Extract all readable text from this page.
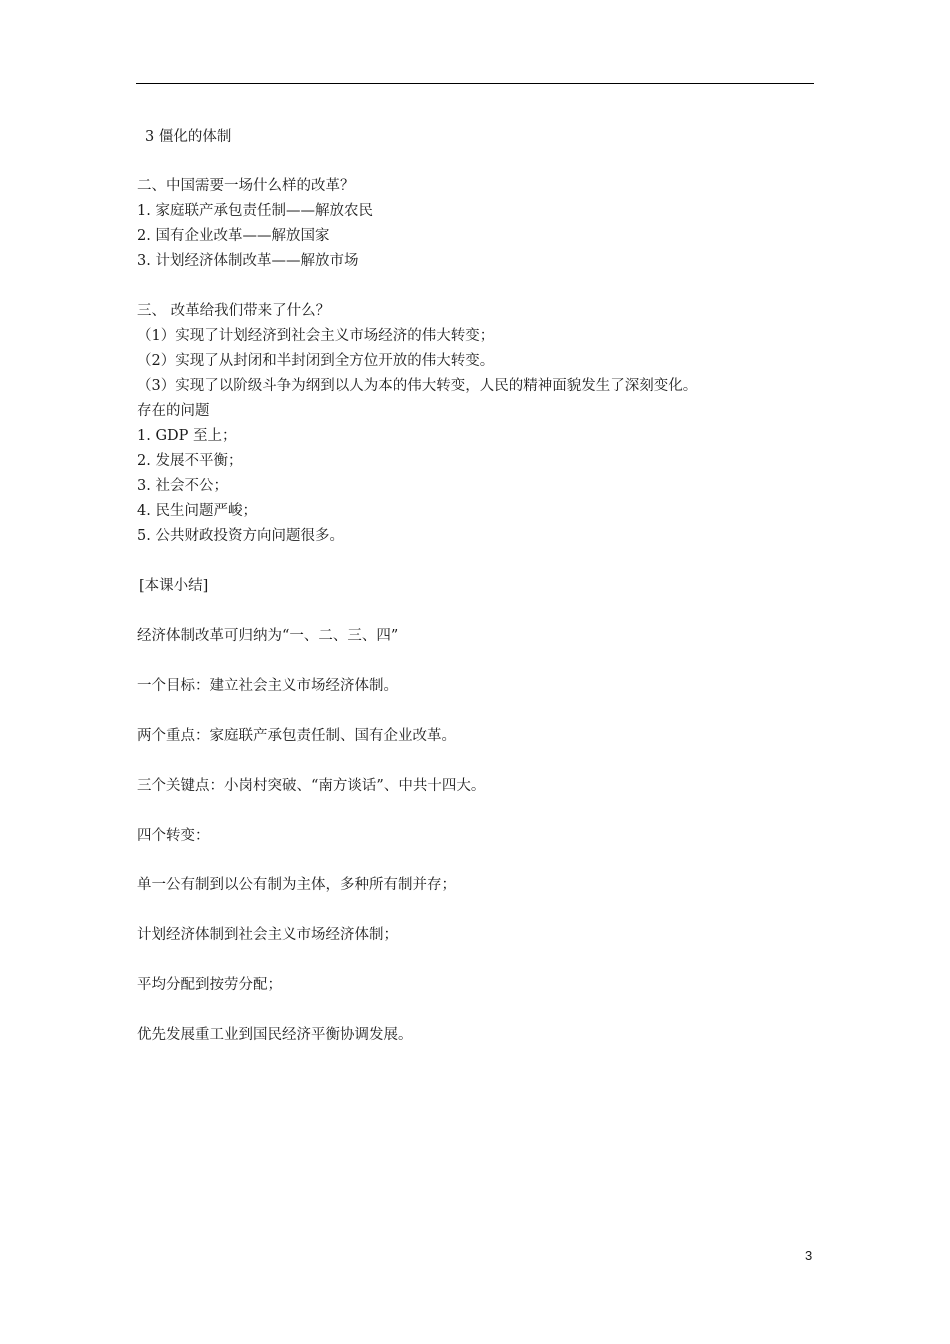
3 僵化的体制
二、中国需要一场什么样的改革？
1. 家庭联产承包责任制——解放农民
2. 国有企业改革——解放国家
3. 计划经济体制改革——解放市场
三、 改革给我们带来了什么？
（1）实现了计划经济到社会主义市场经济的伟大转变；
（2）实现了从封闭和半封闭到全方位开放的伟大转变。
（3）实现了以阶级斗争为纲到以人为本的伟大转变，人民的精神面貌发生了深刻变化。
存在的问题
1. GDP 至上；
2. 发展不平衡；
3. 社会不公；
4. 民生问题严峻；
5. 公共财政投资方向问题很多。
[本课小结]
经济体制改革可归纳为“一、二、三、四”
一个目标：建立社会主义市场经济体制。
两个重点：家庭联产承包责任制、国有企业改革。
三个关键点：小岗村突破、“南方谈话”、中共十四大。
四个转变：
单一公有制到以公有制为主体，多种所有制并存；
计划经济体制到社会主义市场经济体制；
平均分配到按劳分配；
优先发展重工业到国民经济平衡协调发展。
3
